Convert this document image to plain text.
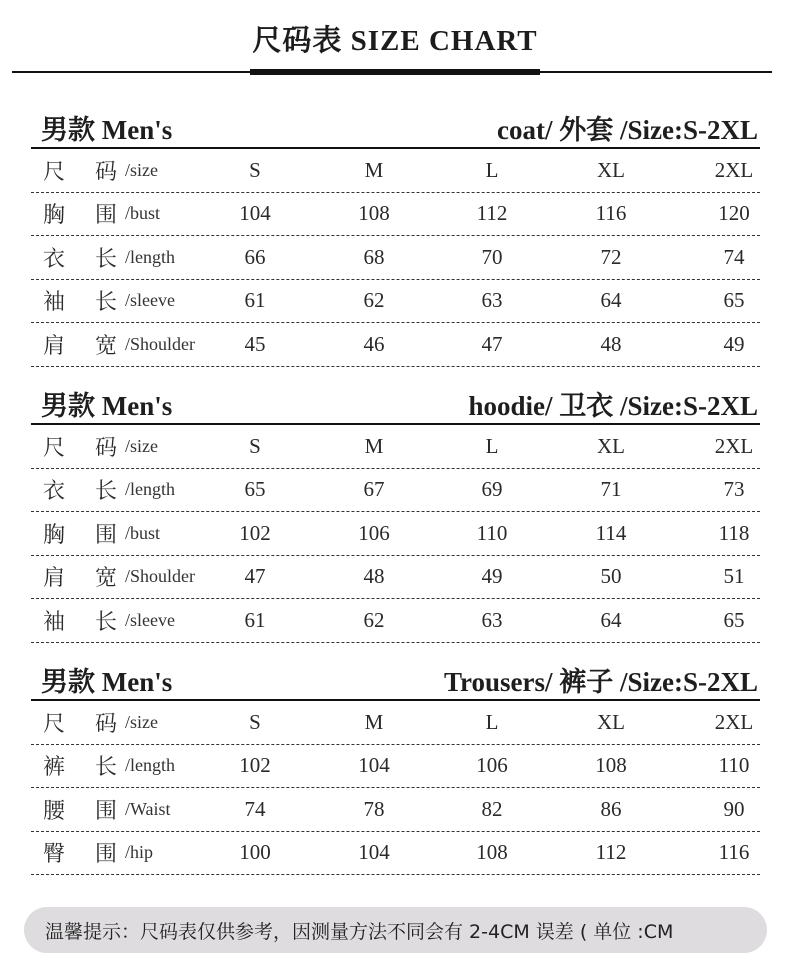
尺码表 SIZE CHART
男款 Men's	coat/ 外套 /Size:S-2XL
尺 码 /size	S	M	L	XL	2XL
胸 围 /bust	104	108	112	116	120
衣 长 /length	66	68	70	72	74
袖 长 /sleeve	61	62	63	64	65
肩 宽 /Shoulder	45	46	47	48	49
男款 Men's	hoodie/ 卫衣 /Size:S-2XL
尺 码 /size	S	M	L	XL	2XL
衣 长 /length	65	67	69	71	73
胸 围 /bust	102	106	110	114	118
肩 宽 /Shoulder	47	48	49	50	51
袖 长 /sleeve	61	62	63	64	65
男款 Men's	Trousers/ 裤子 /Size:S-2XL
尺 码 /size	S	M	L	XL	2XL
裤 长 /length	102	104	106	108	110
腰 围 /Waist	74	78	82	86	90
臀 围 /hip	100	104	108	112	116
温馨提示：尺码表仅供参考，因测量方法不同会有 2-4CM 误差 ( 单位 :CM
